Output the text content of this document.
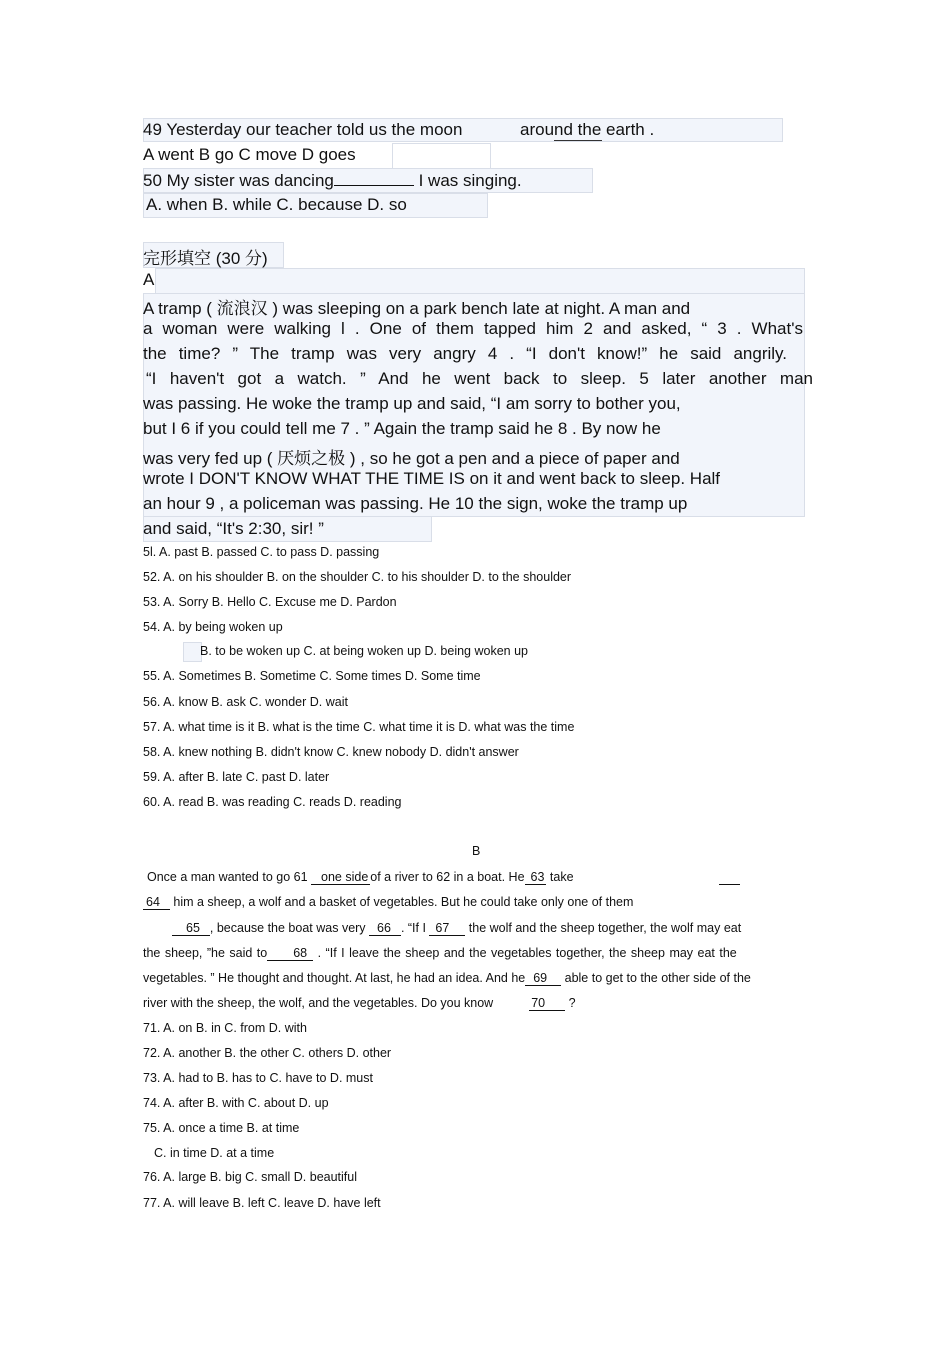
49 Yesterday our teacher told us the moon	around the earth .
A went B go C move D goes
50 My sister was dancing	I was singing.
A. when B. while C. because D. so
完形填空 (30 分)
A
A tramp ( 流浪汉 ) was sleeping on a park bench late at night. A man and
a woman were walking l . One of them tapped him 2 and asked, “ 3 . What's
the time? ” The tramp was very angry 4 . “I don't know!” he said angrily.
“I haven't got a watch. ” And he went back to sleep. 5 later another man
was passing. He woke the tramp up and said, “I am sorry to bother you,
but I 6 if you could tell me 7 . ” Again the tramp said he 8 . By now he
was very fed up ( 厌烦之极 ) , so he got a pen and a piece of paper and
wrote I DON'T KNOW WHAT THE TIME IS on it and went back to sleep. Half
an hour 9 , a policeman was passing. He 10 the sign, woke the tramp up
and said, “It's 2:30, sir! ”
5l. A. past B. passed C. to pass D. passing
52. A. on his shoulder B. on the shoulder C. to his shoulder D. to the shoulder
53. A. Sorry B. Hello C. Excuse me D. Pardon
54. A. by being woken up
B. to be woken up C. at being woken up D. being woken up
55. A. Sometimes B. Sometime C. Some times D. Some time
56. A. know B. ask C. wonder D. wait
57. A. what time is it B. what is the time C. what time it is D. what was the time
58. A. knew nothing B. didn't know C. knew nobody D. didn't answer
59. A. after B. late C. past D. later
60. A. read B. was reading C. reads D. reading
B
Once a man wanted to go 61 one side of a river to 62 in a boat. He 63 take
64 him a sheep, a wolf and a basket of vegetables. But he could take only one of them
65 , because the boat was very 66 . “If I 67 the wolf and the sheep together, the wolf may eat
the sheep, ”he said to 68 . “If I leave the sheep and the vegetables together, the sheep may eat the
vegetables. ” He thought and thought. At last, he had an idea. And he 69 able to get to the other side of the
river with the sheep, the wolf, and the vegetables. Do you know	70 ?
71. A. on B. in C. from D. with
72. A. another B. the other C. others D. other
73. A. had to B. has to C. have to D. must
74. A. after B. with C. about D. up
75. A. once a time B. at time
C. in time D. at a time
76. A. large B. big C. small D. beautiful
77. A. will leave B. left C. leave D. have left
